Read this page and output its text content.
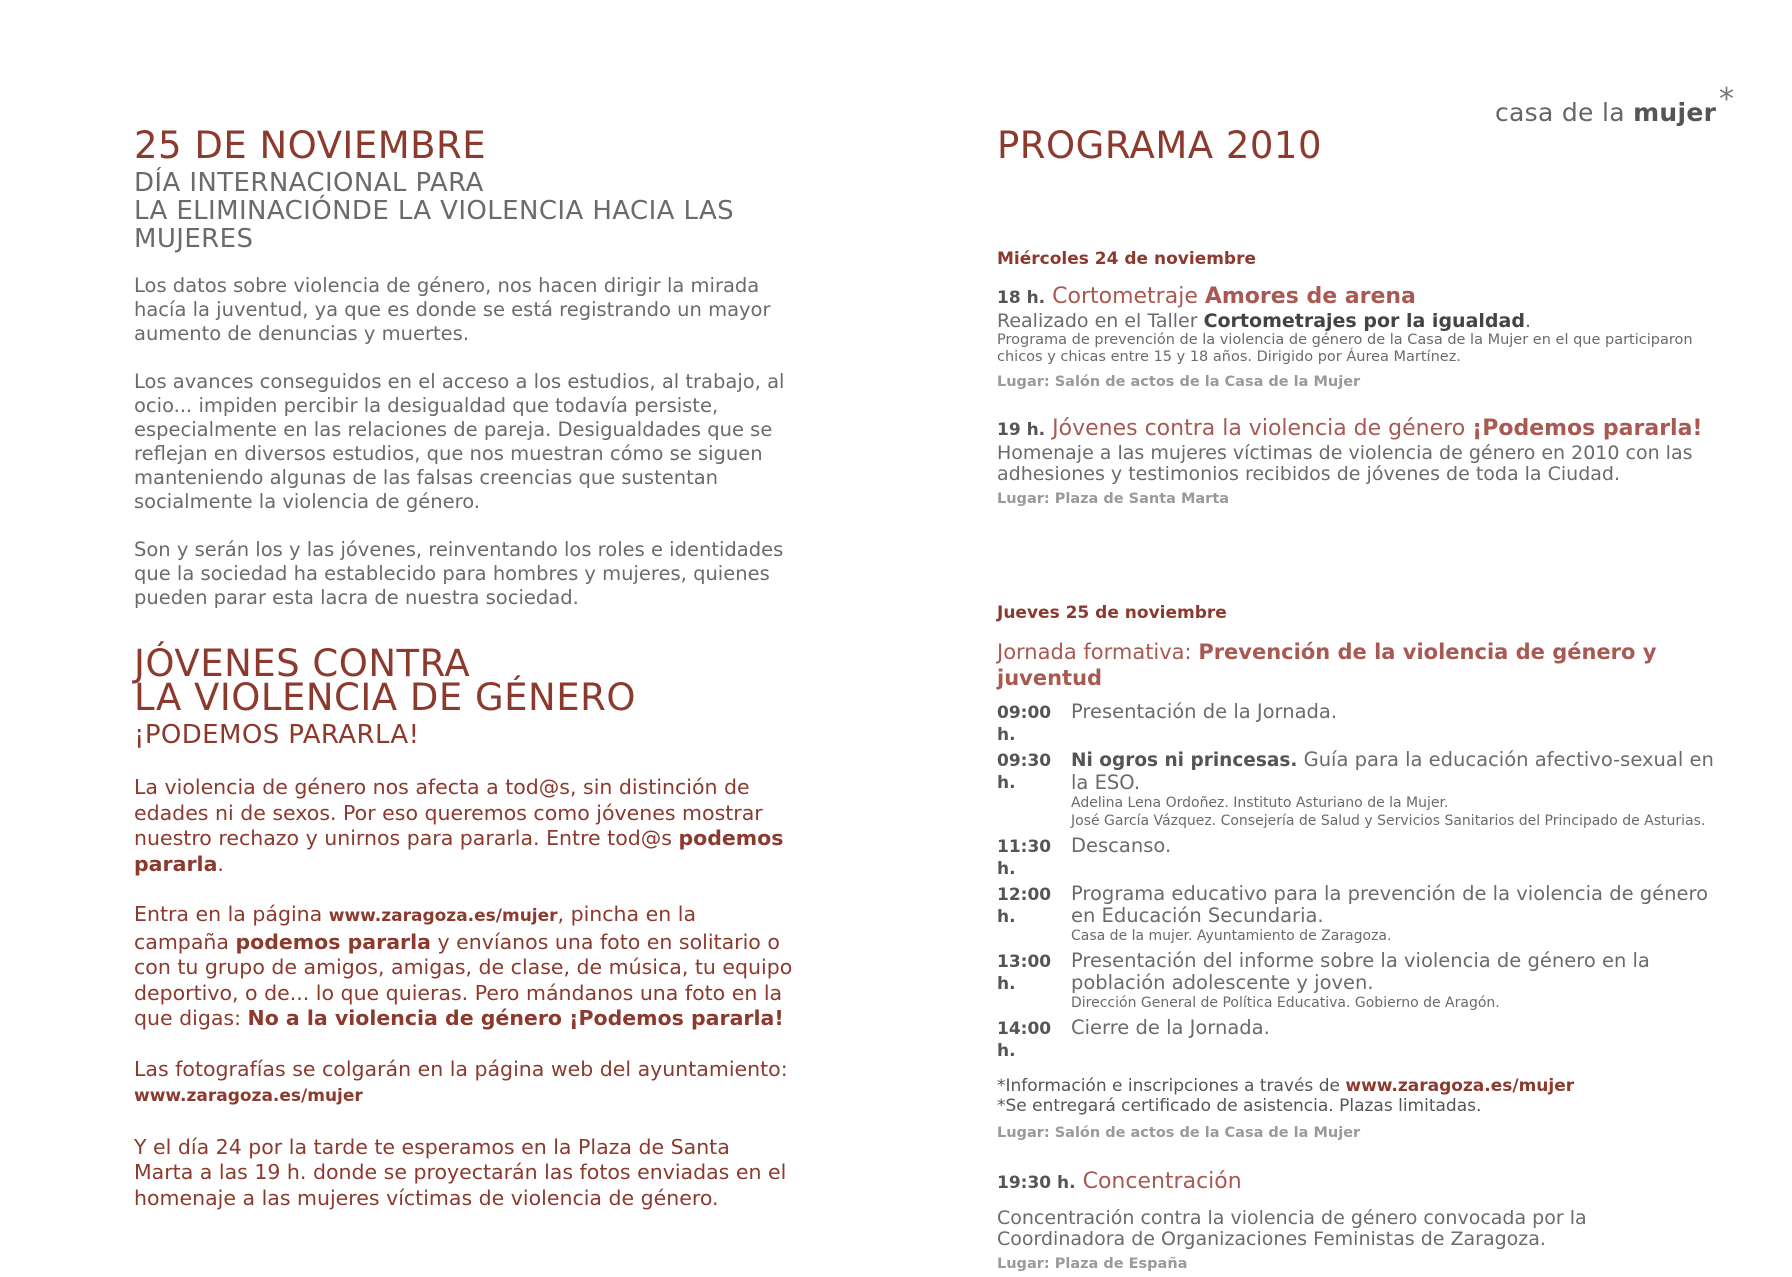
casa de la mujer *
25 DE NOVIEMBRE
DÍA INTERNACIONAL PARA
LA ELIMINACIÓNDE LA VIOLENCIA HACIA LAS MUJERES

Los datos sobre violencia de género, nos hacen dirigir la mirada hacía la juventud, ya que es donde se está registrando un mayor aumento de denuncias y muertes.

Los avances conseguidos en el acceso a los estudios, al trabajo, al ocio... impiden percibir la desigualdad que todavía persiste, especialmente en las relaciones de pareja. Desigualdades que se reflejan en diversos estudios, que nos muestran cómo se siguen manteniendo algunas de las falsas creencias que sustentan socialmente la violencia de género.

Son y serán los y las jóvenes, reinventando los roles e identidades que la sociedad ha establecido para hombres y mujeres, quienes pueden parar esta lacra de nuestra sociedad.

JÓVENES CONTRA
LA VIOLENCIA DE GÉNERO
¡PODEMOS PARARLA!

La violencia de género nos afecta a tod@s, sin distinción de edades ni de sexos. Por eso queremos como jóvenes mostrar nuestro rechazo y unirnos para pararla. Entre tod@s podemos pararla.

Entra en la página www.zaragoza.es/mujer, pincha en la campaña podemos pararla y envíanos una foto en solitario o con tu grupo de amigos, amigas, de clase, de música, tu equipo deportivo, o de... lo que quieras. Pero mándanos una foto en la que digas: No a la violencia de género ¡Podemos pararla!

Las fotografías se colgarán en la página web del ayuntamiento:
www.zaragoza.es/mujer

Y el día 24 por la tarde te esperamos en la Plaza de Santa Marta a las 19 h. donde se proyectarán las fotos enviadas en el homenaje a las mujeres víctimas de violencia de género.

PROGRAMA 2010
Miércoles 24 de noviembre
18 h. Cortometraje Amores de arena
Realizado en el Taller Cortometrajes por la igualdad.
Programa de prevención de la violencia de género de la Casa de la Mujer en el que participaron chicos y chicas entre 15 y 18 años. Dirigido por Áurea Martínez.
Lugar: Salón de actos de la Casa de la Mujer
19 h. Jóvenes contra la violencia de género ¡Podemos pararla!
Homenaje a las mujeres víctimas de violencia de género en 2010 con las adhesiones y testimonios recibidos de jóvenes de toda la Ciudad.
Lugar: Plaza de Santa Marta
Jueves 25 de noviembre
Jornada formativa: Prevención de la violencia de género y juventud
09:00 h.
Presentación de la Jornada.
09:30 h.
Ni ogros ni princesas. Guía para la educación afectivo-sexual en la ESO.
Adelina Lena Ordoñez. Instituto Asturiano de la Mujer.
José García Vázquez. Consejería de Salud y Servicios Sanitarios del Principado de Asturias.
11:30 h.
Descanso.
12:00 h.
Programa educativo para la prevención de la violencia de género en Educación Secundaria.
Casa de la mujer. Ayuntamiento de Zaragoza.
13:00 h.
Presentación del informe sobre la violencia de género en la población adolescente y joven.
Dirección General de Política Educativa. Gobierno de Aragón.
14:00 h.
Cierre de la Jornada.
*Información e inscripciones a través de www.zaragoza.es/mujer
*Se entregará certificado de asistencia. Plazas limitadas.
Lugar: Salón de actos de la Casa de la Mujer
19:30 h. Concentración
Concentración contra la violencia de género convocada por la Coordinadora de Organizaciones Feministas de Zaragoza.
Lugar: Plaza de España
